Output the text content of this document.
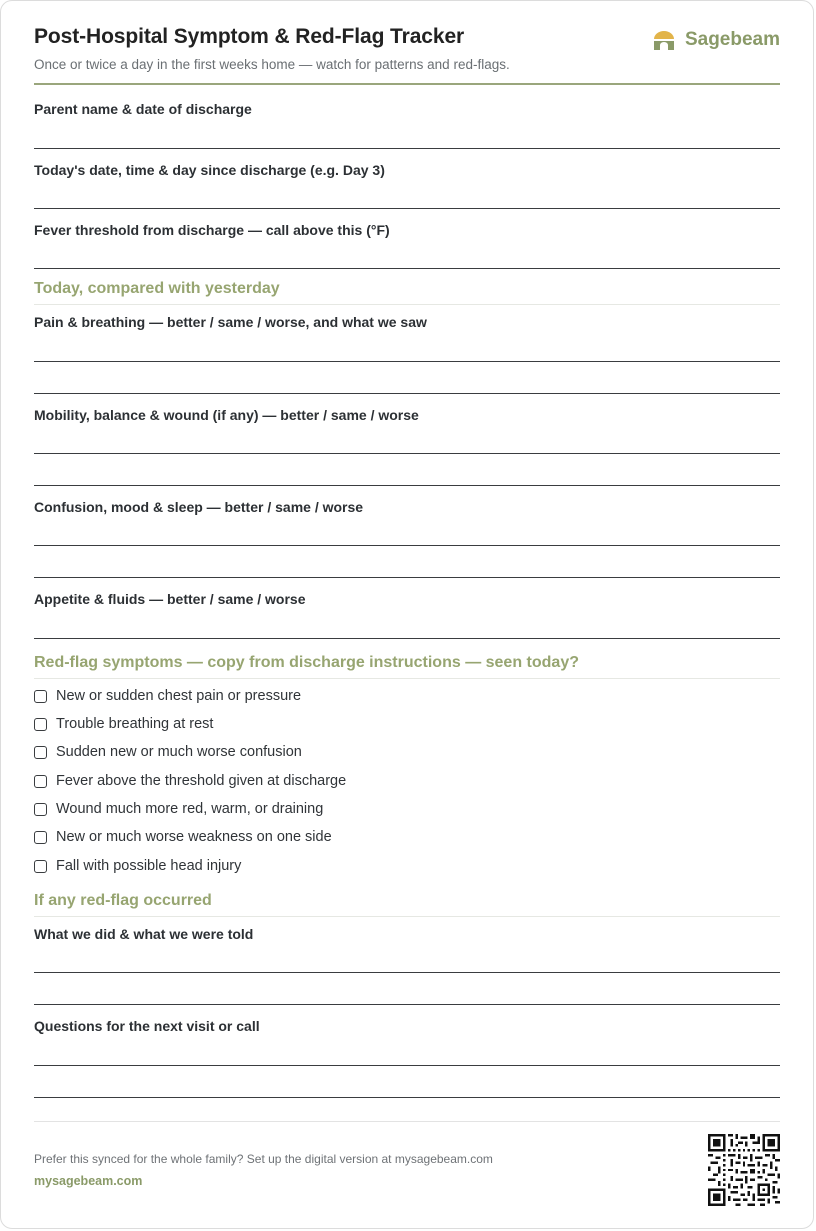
Post-Hospital Symptom & Red-Flag Tracker
Once or twice a day in the first weeks home — watch for patterns and red-flags.
Sagebeam
Parent name & date of discharge
Today's date, time & day since discharge (e.g. Day 3)
Fever threshold from discharge — call above this (°F)
Today, compared with yesterday
Pain & breathing — better / same / worse, and what we saw
Mobility, balance & wound (if any) — better / same / worse
Confusion, mood & sleep — better / same / worse
Appetite & fluids — better / same / worse
Red-flag symptoms — copy from discharge instructions — seen today?
New or sudden chest pain or pressure
Trouble breathing at rest
Sudden new or much worse confusion
Fever above the threshold given at discharge
Wound much more red, warm, or draining
New or much worse weakness on one side
Fall with possible head injury
If any red-flag occurred
What we did & what we were told
Questions for the next visit or call
Prefer this synced for the whole family? Set up the digital version at mysagebeam.com
mysagebeam.com
